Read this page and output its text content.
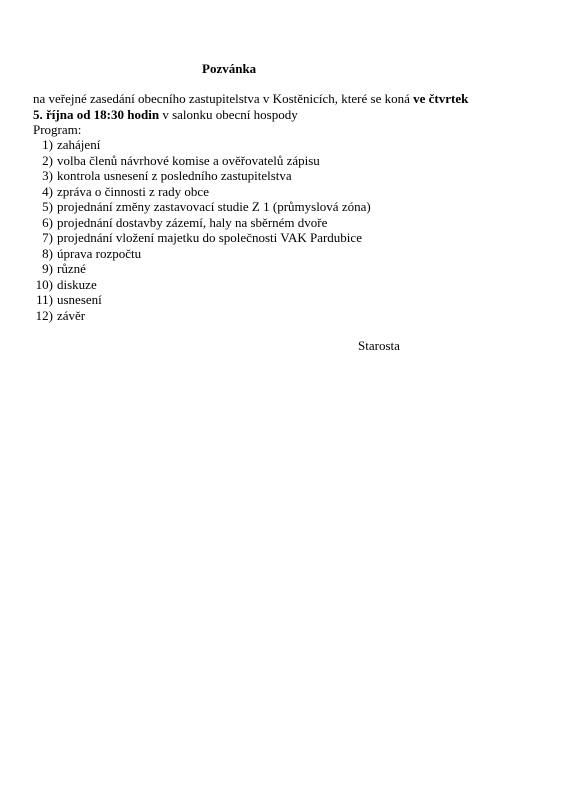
Pozvánka
na veřejné zasedání obecního zastupitelstva v Kostěnicích, které se koná ve čtvrtek
5. října od 18:30 hodin v salonku obecní hospody
Program:
1) zahájení
2) volba členů návrhové komise a ověřovatelů zápisu
3) kontrola usnesení z posledního zastupitelstva
4) zpráva o činnosti z rady obce
5) projednání změny zastavovací studie Z 1 (průmyslová zóna)
6) projednání dostavby zázemí, haly na sběrném dvoře
7) projednání vložení majetku do společnosti VAK Pardubice
8) úprava rozpočtu
9) různé
10) diskuze
11) usnesení
12) závěr
Starosta
